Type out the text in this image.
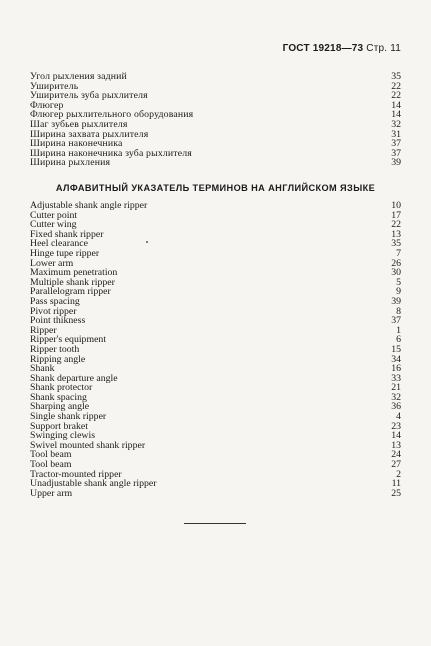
ГОСТ 19218—73 Стр. 11
Угол рыхления задний	35
Уширитель	22
Уширитель зуба рыхлителя	22
Флюгер	14
Флюгер рыхлительного оборудования	14
Шаг зубьев рыхлителя	32
Ширина захвата рыхлителя	31
Ширина наконечника	37
Ширина наконечника зуба рыхлителя	37
Ширина рыхления	39
АЛФАВИТНЫЙ УКАЗАТЕЛЬ ТЕРМИНОВ НА АНГЛИЙСКОМ ЯЗЫКЕ
Adjustable shank angle ripper	10
Cutter point	17
Cutter wing	22
Fixed shank ripper	13
Heel clearance	35
Hinge tupe ripper	7
Lower arm	26
Maximum penetration	30
Multiple shank ripper	5
Parallelogram ripper	9
Pass spacing	39
Pivot ripper	8
Point thikness	37
Ripper	1
Ripper's equipment	6
Ripper tooth	15
Ripping angle	34
Shank	16
Shank departure angle	33
Shank protector	21
Shank spacing	32
Sharping angle	36
Single shank ripper	4
Support braket	23
Swinging clewis	14
Swivel mounted shank ripper	13
Tool beam	24
Tool beam	27
Tractor-mounted ripper	2
Unadjustable shank angle ripper	11
Upper arm	25
